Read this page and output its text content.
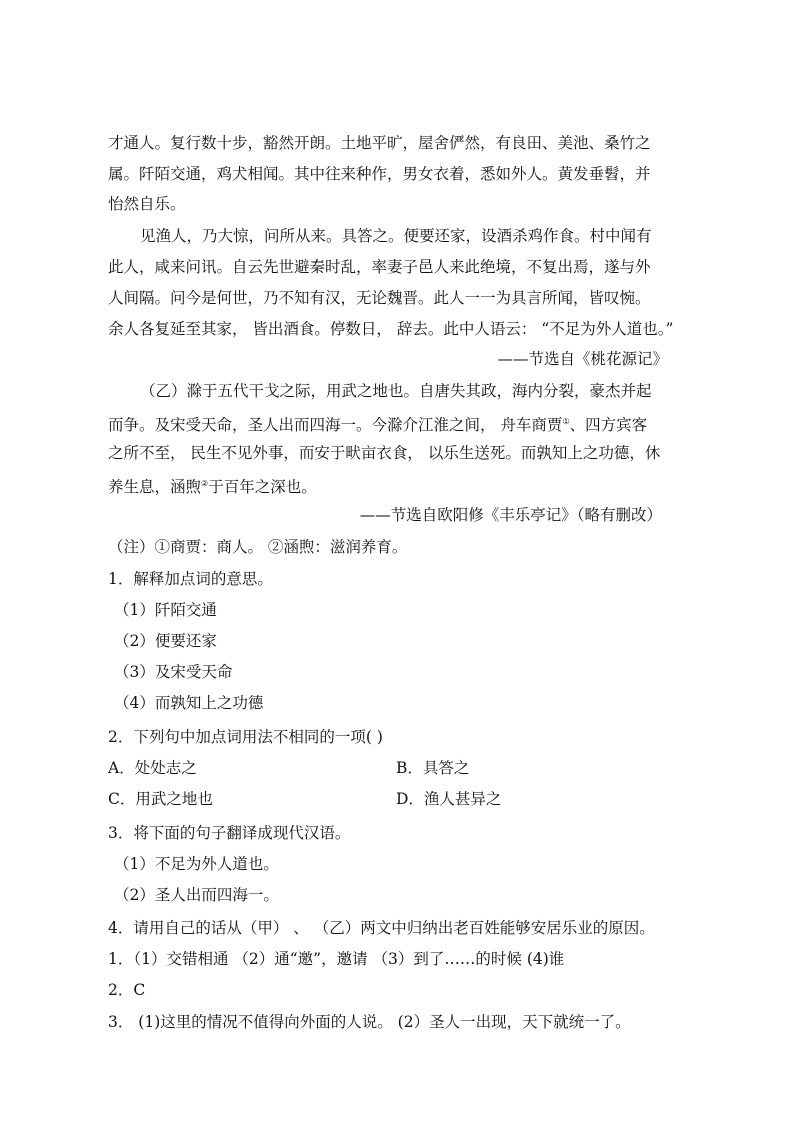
才通人。复行数十步，豁然开朗。土地平旷，屋舍俨然，有良田、美池、桑竹之
属。阡陌交通，鸡犬相闻。其中往来种作，男女衣着，悉如外人。黄发垂髫，并
怡然自乐。
见渔人，乃大惊，问所从来。具答之。便要还家，设酒杀鸡作食。村中闻有
此人，咸来问讯。自云先世避秦时乱，率妻子邑人来此绝境，不复出焉，遂与外
人间隔。问今是何世，乃不知有汉，无论魏晋。此人一一为具言所闻，皆叹惋。
余人各复延至其家， 皆出酒食。停数日， 辞去。此中人语云： “不足为外人道也。”
——节选自《桃花源记》
（乙）滁于五代干戈之际，用武之地也。自唐失其政，海内分裂，豪杰并起
而争。及宋受天命，圣人出而四海一。今滁介江淮之间， 舟车商贾①、四方宾客
之所不至， 民生不见外事，而安于畎亩衣食， 以乐生送死。而孰知上之功德，休
养生息，涵煦②于百年之深也。
——节选自欧阳修《丰乐亭记》（略有删改）
（注）①商贾：商人。 ②涵煦：滋润养育。
1．解释加点词的意思。
（1）阡陌交通
（2）便要还家
（3）及宋受天命
（4）而孰知上之功德
2．下列句中加点词用法不相同的一项( )
A．处处志之	B．具答之
C．用武之地也	D．渔人甚异之
3．将下面的句子翻译成现代汉语。
（1）不足为外人道也。
（2）圣人出而四海一。
4．请用自己的话从（甲） 、 （乙）两文中归纳出老百姓能够安居乐业的原因。
1．（1）交错相通 （2）通“邀”，邀请 （3）到了……的时候 (4)谁
2．C
3． (1)这里的情况不值得向外面的人说。 (2）圣人一出现，天下就统一了。
